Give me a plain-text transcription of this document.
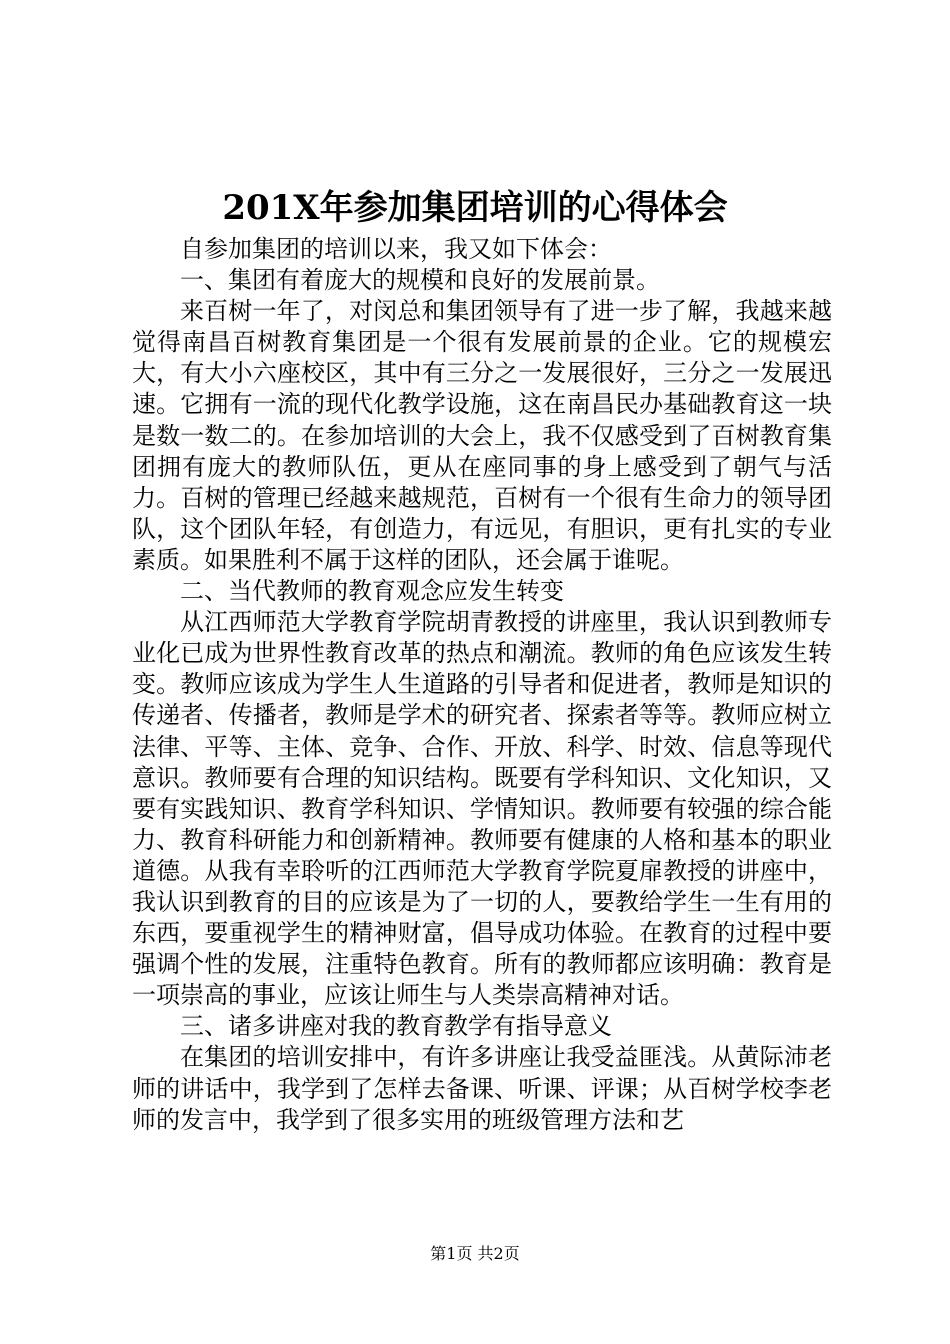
201X年参加集团培训的心得体会

自参加集团的培训以来，我又如下体会：

一、集团有着庞大的规模和良好的发展前景。

来百树一年了，对闵总和集团领导有了进一步了解，我越来越觉得南昌百树教育集团是一个很有发展前景的企业。它的规模宏大，有大小六座校区，其中有三分之一发展很好，三分之一发展迅速。它拥有一流的现代化教学设施，这在南昌民办基础教育这一块是数一数二的。在参加培训的大会上，我不仅感受到了百树教育集团拥有庞大的教师队伍，更从在座同事的身上感受到了朝气与活力。百树的管理已经越来越规范，百树有一个很有生命力的领导团队，这个团队年轻，有创造力，有远见，有胆识，更有扎实的专业素质。如果胜利不属于这样的团队，还会属于谁呢。

二、当代教师的教育观念应发生转变

从江西师范大学教育学院胡青教授的讲座里，我认识到教师专业化已成为世界性教育改革的热点和潮流。教师的角色应该发生转变。教师应该成为学生人生道路的引导者和促进者，教师是知识的传递者、传播者，教师是学术的研究者、探索者等等。教师应树立法律、平等、主体、竞争、合作、开放、科学、时效、信息等现代意识。教师要有合理的知识结构。既要有学科知识、文化知识，又要有实践知识、教育学科知识、学情知识。教师要有较强的综合能力、教育科研能力和创新精神。教师要有健康的人格和基本的职业道德。从我有幸聆听的江西师范大学教育学院夏扉教授的讲座中，我认识到教育的目的应该是为了一切的人，要教给学生一生有用的东西，要重视学生的精神财富，倡导成功体验。在教育的过程中要强调个性的发展，注重特色教育。所有的教师都应该明确：教育是一项崇高的事业，应该让师生与人类崇高精神对话。

三、诸多讲座对我的教育教学有指导意义

在集团的培训安排中，有许多讲座让我受益匪浅。从黄际沛老师的讲话中，我学到了怎样去备课、听课、评课；从百树学校李老师的发言中，我学到了很多实用的班级管理方法和艺

第1页 共2页
